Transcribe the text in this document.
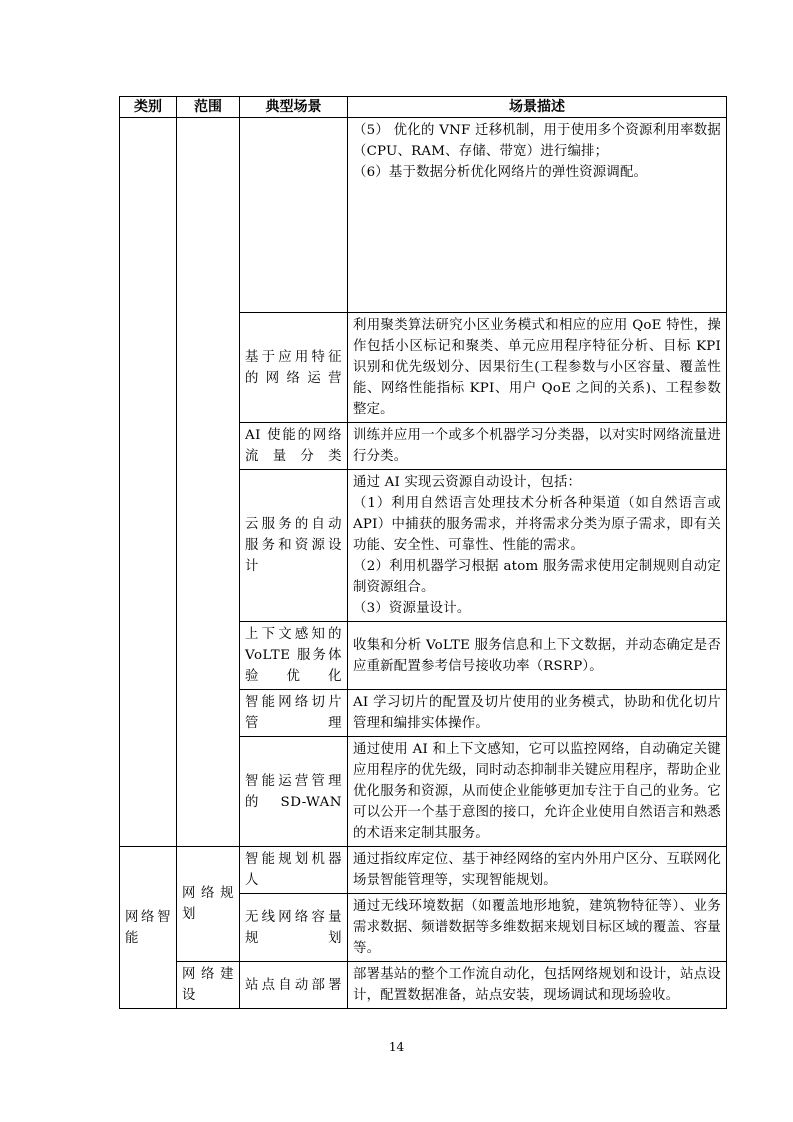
类别	范围	典型场景	场景描述

			（5） 优化的 VNF 迁移机制，用于使用多个资源利用率数据（CPU、RAM、存储、带宽）进行编排；
（6）基于数据分析优化网络片的弹性资源调配。

		基于应用特征的网络运营	利用聚类算法研究小区业务模式和相应的应用 QoE 特性，操作包括小区标记和聚类、单元应用程序特征分析、目标 KPI 识别和优先级划分、因果衍生(工程参数与小区容量、覆盖性能、网络性能指标 KPI、用户 QoE 之间的关系)、工程参数整定。

		AI 使能的网络流量分类	训练并应用一个或多个机器学习分类器，以对实时网络流量进行分类。

		云服务的自动服务和资源设计	通过 AI 实现云资源自动设计，包括：
（1）利用自然语言处理技术分析各种渠道（如自然语言或 API）中捕获的服务需求，并将需求分类为原子需求，即有关功能、安全性、可靠性、性能的需求。
（2）利用机器学习根据 atom 服务需求使用定制规则自动定制资源组合。
（3）资源量设计。

		上下文感知的 VoLTE 服务体验优化	收集和分析 VoLTE 服务信息和上下文数据，并动态确定是否应重新配置参考信号接收功率（RSRP）。

		智能网络切片管理	AI 学习切片的配置及切片使用的业务模式，协助和优化切片管理和编排实体操作。

		智能运营管理的 SD-WAN	通过使用 AI 和上下文感知，它可以监控网络，自动确定关键应用程序的优先级，同时动态抑制非关键应用程序，帮助企业优化服务和资源，从而使企业能够更加专注于自己的业务。它可以公开一个基于意图的接口，允许企业使用自然语言和熟悉的术语来定制其服务。

网络智能	网络规划	智能规划机器人	通过指纹库定位、基于神经网络的室内外用户区分、互联网化场景智能管理等，实现智能规划。

		无线网络容量规划	通过无线环境数据（如覆盖地形地貌，建筑物特征等）、业务需求数据、频谱数据等多维数据来规划目标区域的覆盖、容量等。

	网络建设	站点自动部署	部署基站的整个工作流自动化，包括网络规划和设计，站点设计，配置数据准备，站点安装，现场调试和现场验收。
14
